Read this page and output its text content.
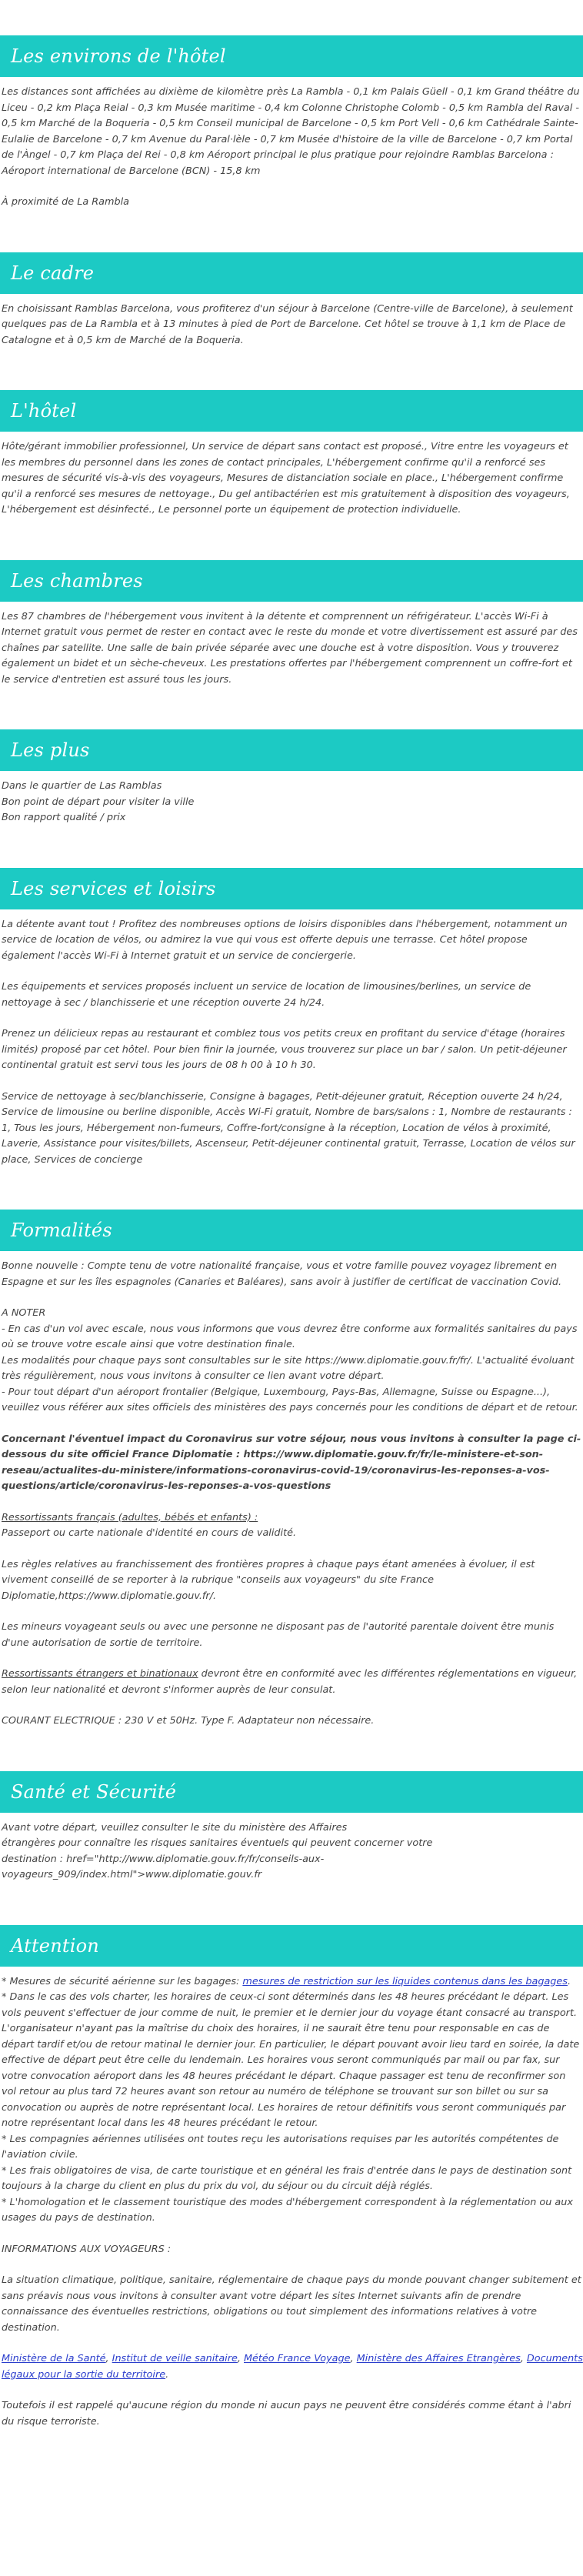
Les environs de l'hôtel

Les distances sont affichées au dixième de kilomètre près La Rambla - 0,1 km Palais Güell - 0,1 km Grand théâtre du Liceu - 0,2 km Plaça Reial - 0,3 km Musée maritime - 0,4 km Colonne Christophe Colomb - 0,5 km Rambla del Raval - 0,5 km Marché de la Boqueria - 0,5 km Conseil municipal de Barcelone - 0,5 km Port Vell - 0,6 km Cathédrale Sainte-Eulalie de Barcelone - 0,7 km Avenue du Paral·lèle - 0,7 km Musée d'histoire de la ville de Barcelone - 0,7 km Portal de l'Àngel - 0,7 km Plaça del Rei - 0,8 km Aéroport principal le plus pratique pour rejoindre Ramblas Barcelona : Aéroport international de Barcelone (BCN) - 15,8 km

À proximité de La Rambla

Le cadre

En choisissant Ramblas Barcelona, vous profiterez d'un séjour à Barcelone (Centre-ville de Barcelone), à seulement quelques pas de La Rambla et à 13 minutes à pied de Port de Barcelone. Cet hôtel se trouve à 1,1 km de Place de Catalogne et à 0,5 km de Marché de la Boqueria.

L'hôtel

Hôte/gérant immobilier professionnel, Un service de départ sans contact est proposé., Vitre entre les voyageurs et les membres du personnel dans les zones de contact principales, L'hébergement confirme qu'il a renforcé ses mesures de sécurité vis-à-vis des voyageurs, Mesures de distanciation sociale en place., L'hébergement confirme qu'il a renforcé ses mesures de nettoyage., Du gel antibactérien est mis gratuitement à disposition des voyageurs, L'hébergement est désinfecté., Le personnel porte un équipement de protection individuelle.

Les chambres

Les 87 chambres de l'hébergement vous invitent à la détente et comprennent un réfrigérateur. L'accès Wi-Fi à Internet gratuit vous permet de rester en contact avec le reste du monde et votre divertissement est assuré par des chaînes par satellite. Une salle de bain privée séparée avec une douche est à votre disposition. Vous y trouverez également un bidet et un sèche-cheveux. Les prestations offertes par l'hébergement comprennent un coffre-fort et le service d'entretien est assuré tous les jours.

Les plus
Dans le quartier de Las Ramblas
Bon point de départ pour visiter la ville
Bon rapport qualité / prix
Les services et loisirs

La détente avant tout ! Profitez des nombreuses options de loisirs disponibles dans l'hébergement, notamment un service de location de vélos, ou admirez la vue qui vous est offerte depuis une terrasse. Cet hôtel propose également l'accès Wi-Fi à Internet gratuit et un service de conciergerie.

Les équipements et services proposés incluent un service de location de limousines/berlines, un service de nettoyage à sec / blanchisserie et une réception ouverte 24 h/24.

Prenez un délicieux repas au restaurant et comblez tous vos petits creux en profitant du service d'étage (horaires limités) proposé par cet hôtel. Pour bien finir la journée, vous trouverez sur place un bar / salon. Un petit-déjeuner continental gratuit est servi tous les jours de 08 h 00 à 10 h 30.

Service de nettoyage à sec/blanchisserie, Consigne à bagages, Petit-déjeuner gratuit, Réception ouverte 24 h/24, Service de limousine ou berline disponible, Accès Wi-Fi gratuit, Nombre de bars/salons : 1, Nombre de restaurants : 1, Tous les jours, Hébergement non-fumeurs, Coffre-fort/consigne à la réception, Location de vélos à proximité, Laverie, Assistance pour visites/billets, Ascenseur, Petit-déjeuner continental gratuit, Terrasse, Location de vélos sur place, Services de concierge

Formalités

Bonne nouvelle : Compte tenu de votre nationalité française, vous et votre famille pouvez voyagez librement en Espagne et sur les îles espagnoles (Canaries et Baléares), sans avoir à justifier de certificat de vaccination Covid.

A NOTER
- En cas d'un vol avec escale, nous vous informons que vous devrez être conforme aux formalités sanitaires du pays où se trouve votre escale ainsi que votre destination finale.
Les modalités pour chaque pays sont consultables sur le site https://www.diplomatie.gouv.fr/fr/. L'actualité évoluant très régulièrement, nous vous invitons à consulter ce lien avant votre départ.
- Pour tout départ d'un aéroport frontalier (Belgique, Luxembourg, Pays-Bas, Allemagne, Suisse ou Espagne...), veuillez vous référer aux sites officiels des ministères des pays concernés pour les conditions de départ et de retour.

Concernant l'éventuel impact du Coronavirus sur votre séjour, nous vous invitons à consulter la page ci-dessous du site officiel France Diplomatie : https://www.diplomatie.gouv.fr/fr/le-ministere-et-son-reseau/actualites-du-ministere/informations-coronavirus-covid-19/coronavirus-les-reponses-a-vos-questions/article/coronavirus-les-reponses-a-vos-questions

Ressortissants français (adultes, bébés et enfants) :
Passeport ou carte nationale d'identité en cours de validité.

Les règles relatives au franchissement des frontières propres à chaque pays étant amenées à évoluer, il est vivement conseillé de se reporter à la rubrique "conseils aux voyageurs" du site France Diplomatie,https://www.diplomatie.gouv.fr/.

Les mineurs voyageant seuls ou avec une personne ne disposant pas de l'autorité parentale doivent être munis d'une autorisation de sortie de territoire.

Ressortissants étrangers et binationaux devront être en conformité avec les différentes réglementations en vigueur, selon leur nationalité et devront s'informer auprès de leur consulat.

COURANT ELECTRIQUE : 230 V et 50Hz. Type F. Adaptateur non nécessaire.

Santé et Sécurité

Avant votre départ, veuillez consulter le site du ministère des Affaires
étrangères pour connaître les risques sanitaires éventuels qui peuvent concerner votre
destination : href="http://www.diplomatie.gouv.fr/fr/conseils-aux-voyageurs_909/index.html">www.diplomatie.gouv.fr

Attention

* Mesures de sécurité aérienne sur les bagages: mesures de restriction sur les liquides contenus dans les bagages.
* Dans le cas des vols charter, les horaires de ceux-ci sont déterminés dans les 48 heures précédant le départ. Les vols peuvent s'effectuer de jour comme de nuit, le premier et le dernier jour du voyage étant consacré au transport. L'organisateur n'ayant pas la maîtrise du choix des horaires, il ne saurait être tenu pour responsable en cas de départ tardif et/ou de retour matinal le dernier jour. En particulier, le départ pouvant avoir lieu tard en soirée, la date effective de départ peut être celle du lendemain. Les horaires vous seront communiqués par mail ou par fax, sur votre convocation aéroport dans les 48 heures précédant le départ. Chaque passager est tenu de reconfirmer son vol retour au plus tard 72 heures avant son retour au numéro de téléphone se trouvant sur son billet ou sur sa convocation ou auprès de notre représentant local. Les horaires de retour définitifs vous seront communiqués par notre représentant local dans les 48 heures précédant le retour.
* Les compagnies aériennes utilisées ont toutes reçu les autorisations requises par les autorités compétentes de l'aviation civile.
* Les frais obligatoires de visa, de carte touristique et en général les frais d'entrée dans le pays de destination sont toujours à la charge du client en plus du prix du vol, du séjour ou du circuit déjà réglés.
* L'homologation et le classement touristique des modes d'hébergement correspondent à la réglementation ou aux usages du pays de destination.

INFORMATIONS AUX VOYAGEURS :

La situation climatique, politique, sanitaire, réglementaire de chaque pays du monde pouvant changer subitement et sans préavis nous vous invitons à consulter avant votre départ les sites Internet suivants afin de prendre connaissance des éventuelles restrictions, obligations ou tout simplement des informations relatives à votre destination.

Ministère de la Santé, Institut de veille sanitaire, Météo France Voyage, Ministère des Affaires Etrangères, Documents légaux pour la sortie du territoire.

Toutefois il est rappelé qu'aucune région du monde ni aucun pays ne peuvent être considérés comme étant à l'abri du risque terroriste.
